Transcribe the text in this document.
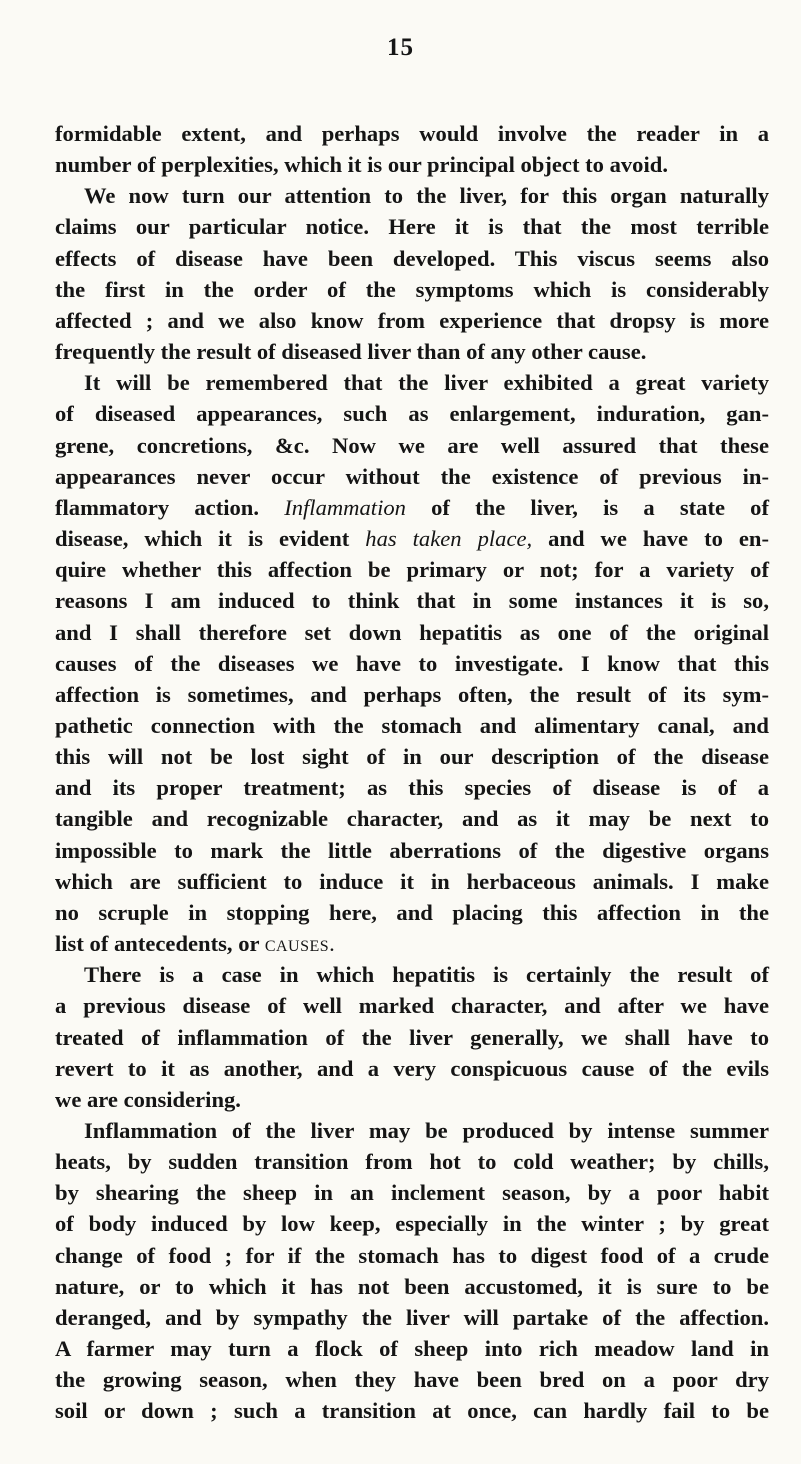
15
formidable extent, and perhaps would involve the reader in a
number of perplexities, which it is our principal object to avoid.
We now turn our attention to the liver, for this organ naturally
claims our particular notice. Here it is that the most terrible
effects of disease have been developed. This viscus seems also
the first in the order of the symptoms which is considerably
affected ; and we also know from experience that dropsy is more
frequently the result of diseased liver than of any other cause.
It will be remembered that the liver exhibited a great variety
of diseased appearances, such as enlargement, induration, gan-
grene, concretions, &c. Now we are well assured that these
appearances never occur without the existence of previous in-
flammatory action. Inflammation of the liver, is a state of
disease, which it is evident has taken place, and we have to en-
quire whether this affection be primary or not; for a variety of
reasons I am induced to think that in some instances it is so,
and I shall therefore set down hepatitis as one of the original
causes of the diseases we have to investigate. I know that this
affection is sometimes, and perhaps often, the result of its sym-
pathetic connection with the stomach and alimentary canal, and
this will not be lost sight of in our description of the disease
and its proper treatment; as this species of disease is of a
tangible and recognizable character, and as it may be next to
impossible to mark the little aberrations of the digestive organs
which are sufficient to induce it in herbaceous animals. I make
no scruple in stopping here, and placing this affection in the
list of antecedents, or causes.
There is a case in which hepatitis is certainly the result of
a previous disease of well marked character, and after we have
treated of inflammation of the liver generally, we shall have to
revert to it as another, and a very conspicuous cause of the evils
we are considering.
Inflammation of the liver may be produced by intense summer
heats, by sudden transition from hot to cold weather; by chills,
by shearing the sheep in an inclement season, by a poor habit
of body induced by low keep, especially in the winter ; by great
change of food ; for if the stomach has to digest food of a crude
nature, or to which it has not been accustomed, it is sure to be
deranged, and by sympathy the liver will partake of the affection.
A farmer may turn a flock of sheep into rich meadow land in
the growing season, when they have been bred on a poor dry
soil or down ; such a transition at once, can hardly fail to be
